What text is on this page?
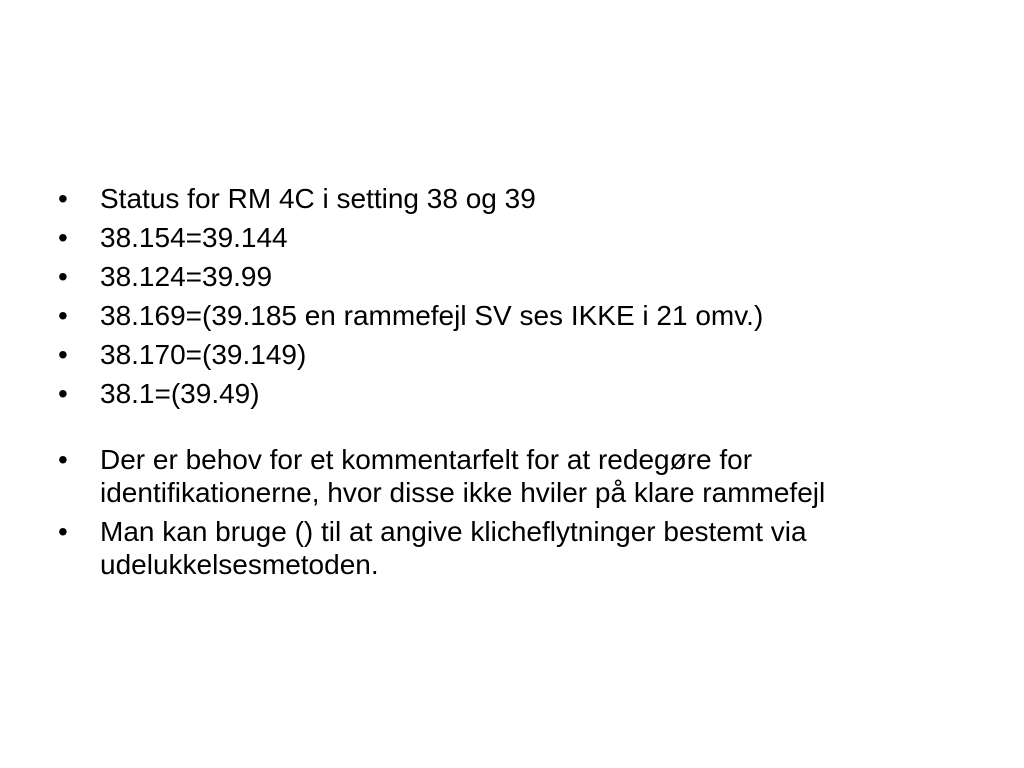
•	Status for RM 4C i setting 38 og 39
•	38.154=39.144
•	38.124=39.99
•	38.169=(39.185 en rammefejl SV ses IKKE i 21 omv.)
•	38.170=(39.149)
•	38.1=(39.49)
•	Der er behov for et kommentarfelt for at redegøre for identifikationerne, hvor disse ikke hviler på klare rammefejl
•	Man kan bruge () til at angive klicheflytninger bestemt via udelukkelsesmetoden.
